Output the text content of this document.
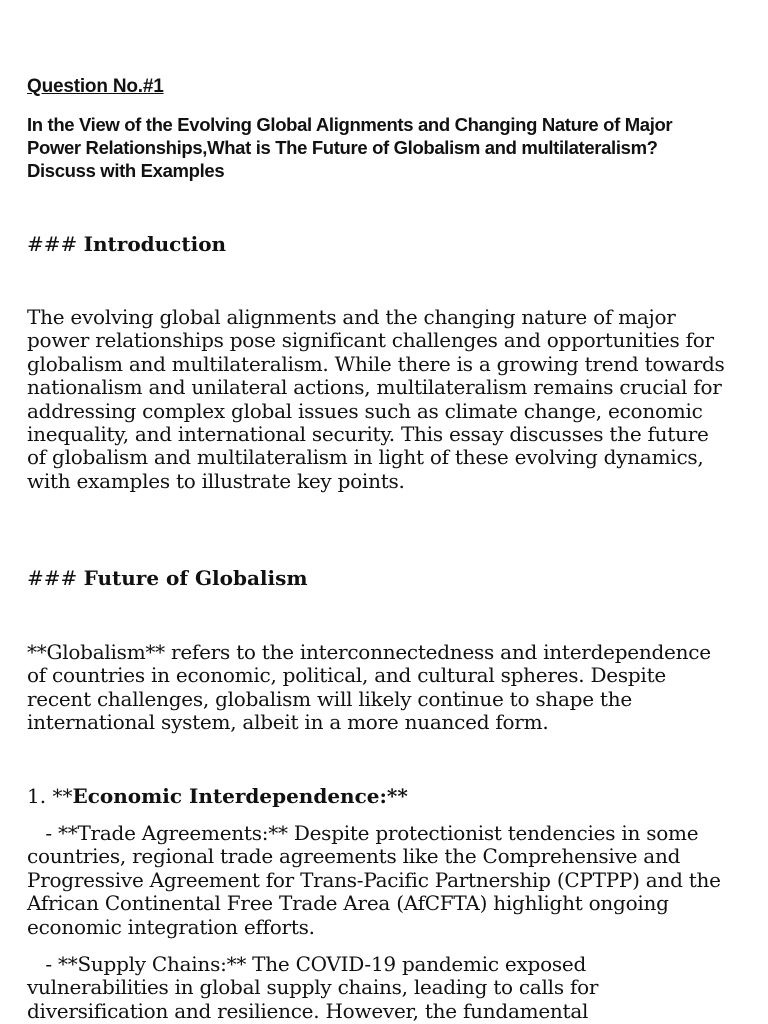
Question No.#1

In the View of the Evolving Global Alignments and Changing Nature of Major Power Relationships,What is The Future of Globalism and multilateralism?Discuss with Examples

### Introduction

The evolving global alignments and the changing nature of major power relationships pose significant challenges and opportunities for globalism and multilateralism. While there is a growing trend towards nationalism and unilateral actions, multilateralism remains crucial for addressing complex global issues such as climate change, economic inequality, and international security. This essay discusses the future of globalism and multilateralism in light of these evolving dynamics, with examples to illustrate key points.

### Future of Globalism

**Globalism** refers to the interconnectedness and interdependence of countries in economic, political, and cultural spheres. Despite recent challenges, globalism will likely continue to shape the international system, albeit in a more nuanced form.

1. **Economic Interdependence:**

- **Trade Agreements:** Despite protectionist tendencies in some countries, regional trade agreements like the Comprehensive and Progressive Agreement for Trans-Pacific Partnership (CPTPP) and the African Continental Free Trade Area (AfCFTA) highlight ongoing economic integration efforts.

- **Supply Chains:** The COVID-19 pandemic exposed vulnerabilities in global supply chains, leading to calls for diversification and resilience. However, the fundamental
